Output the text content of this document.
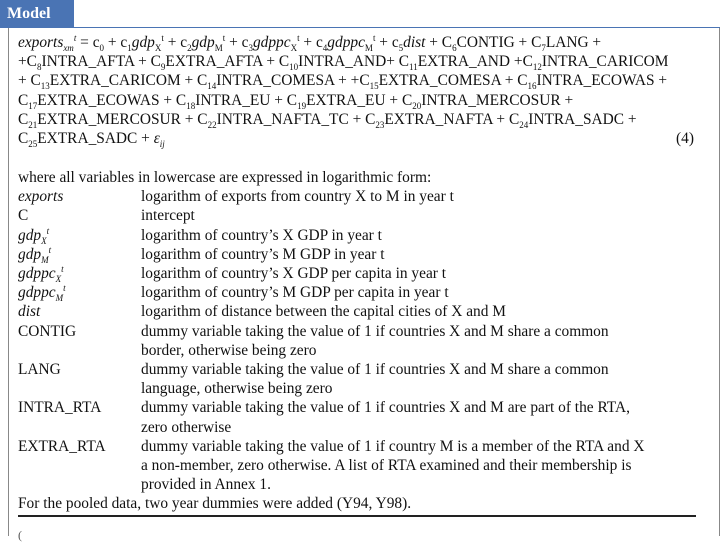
Model
exports$_{xm}^t$ = $c_0 + c_1gdp_X^t + c_2gdp_M^t$ + $c_3gdppc_X^t$ + $c_4gdppc_M^t$ + $c_5dist$ + $C_6CONTIG$ + $C_7LANG$ +
$+C_8INTRA\_AFTA$ + $C_9EXTRA\_AFTA$ + $C_{10}INTRA\_AND+$ $C_{11}EXTRA\_AND$ $+C_{12}INTRA\_CARICOM$
+ $C_{13}EXTRA\_CARICOM$ + $C_{14}INTRA\_COMESA$ + $+C_{15}EXTRA\_COMESA$ + $C_{16}INTRA\_ECOWAS$ +
$C_{17}EXTRA\_ECOWAS$ + $C_{18}INTRA\_EU$ + $C_{19}EXTRA\_EU$ + $C_{20}INTRA\_MERCOSUR$ +
$C_{21}EXTRA\_MERCOSUR$ + $C_{22}INTRA\_NAFTA\_TC$ + $C_{23}EXTRA\_NAFTA$ + $C_{24}INTRA\_SADC$ +
$C_{25}EXTRA\_SADC + \varepsilon_{ij}$	(4)
where all variables in lowercase are expressed in logarithmic form:
exports	logarithm of exports from country X to M in year t
C	intercept
gdp$_X^t$	logarithm of country’s X GDP in year t
gdp$_M^t$	logarithm of country’s M GDP in year t
gdppc$_X^t$	logarithm of country’s X GDP per capita in year t
gdppc$_M^t$	logarithm of country’s M GDP per capita in year t
dist	logarithm of distance between the capital cities of X and M
CONTIG	dummy variable taking the value of 1 if countries X and M share a common
border, otherwise being zero
LANG	dummy variable taking the value of 1 if countries X and M share a common
language, otherwise being zero
INTRA_RTA	dummy variable taking the value of 1 if countries X and M are part of the RTA,
zero otherwise
EXTRA_RTA	dummy variable taking the value of 1 if country M is a member of the RTA and X
a non-member, zero otherwise. A list of RTA examined and their membership is
provided in Annex 1.
For the pooled data, two year dummies were added (Y94, Y98).
(
